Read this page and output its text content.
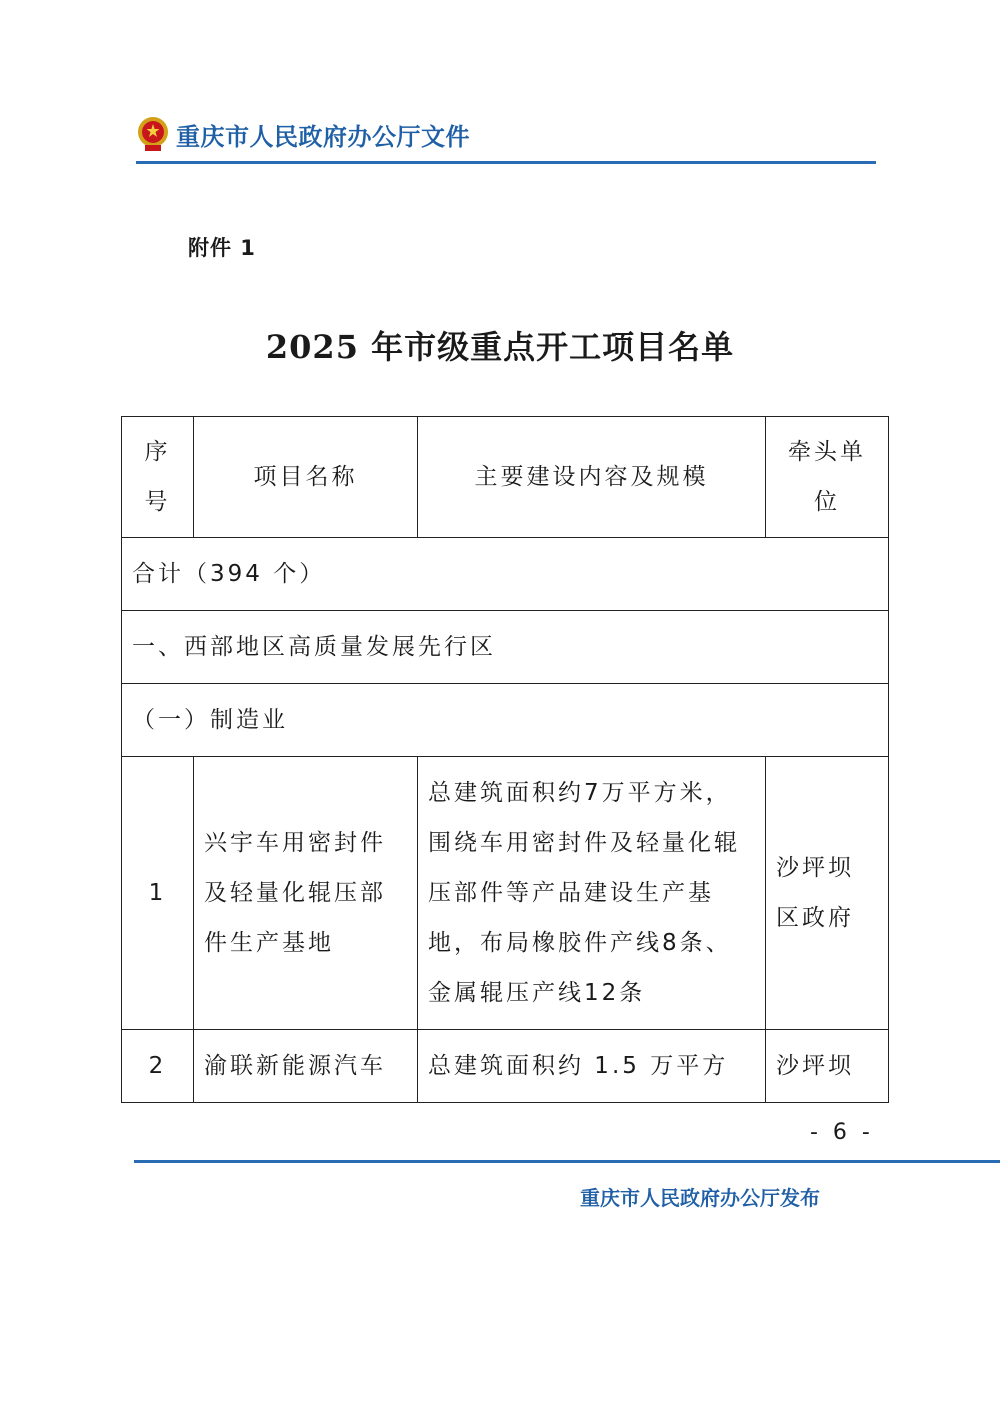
重庆市人民政府办公厅文件
附件 1
2025 年市级重点开工项目名单
序号	项目名称	主要建设内容及规模	牵头单位
合计（394 个）			
一、西部地区高质量发展先行区			
（一）制造业			
1	兴宇车用密封件及轻量化辊压部件生产基地	总建筑面积约7万平方米，围绕车用密封件及轻量化辊压部件等产品建设生产基地，布局橡胶件产线8条、金属辊压产线12条	沙坪坝区政府
2	渝联新能源汽车	总建筑面积约 1.5 万平方	沙坪坝
- 6 -
重庆市人民政府办公厅发布
